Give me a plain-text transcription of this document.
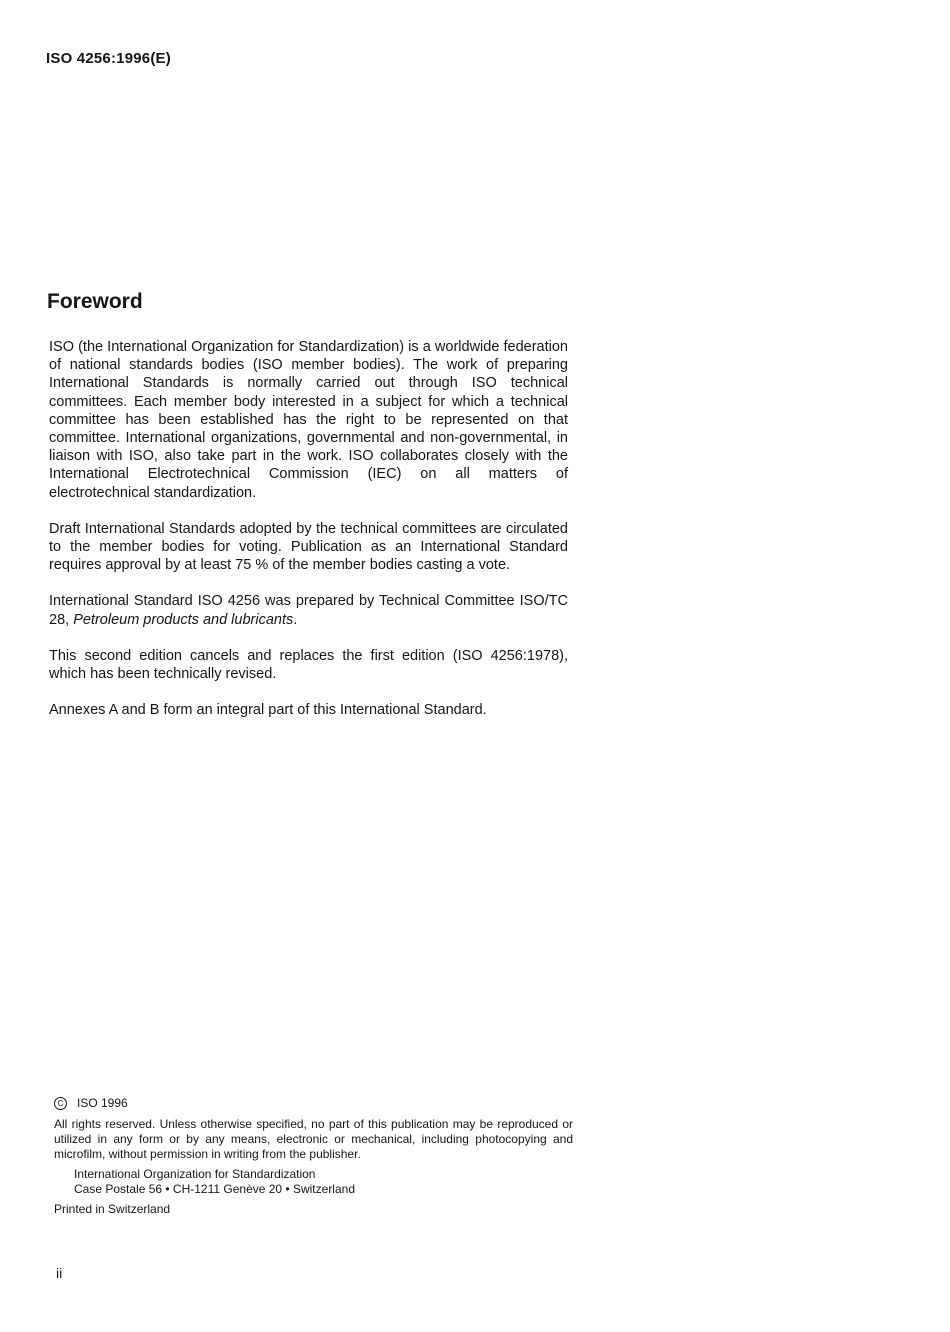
ISO 4256:1996(E)
Foreword

ISO (the International Organization for Standardization) is a worldwide federation of national standards bodies (ISO member bodies). The work of preparing International Standards is normally carried out through ISO technical committees. Each member body interested in a subject for which a technical committee has been established has the right to be represented on that committee. International organizations, governmental and non-governmental, in liaison with ISO, also take part in the work. ISO collaborates closely with the International Electrotechnical Commission (IEC) on all matters of electrotechnical standardization.

Draft International Standards adopted by the technical committees are circulated to the member bodies for voting. Publication as an International Standard requires approval by at least 75 % of the member bodies casting a vote.

International Standard ISO 4256 was prepared by Technical Committee ISO/TC 28, Petroleum products and lubricants.

This second edition cancels and replaces the first edition (ISO 4256:1978), which has been technically revised.

Annexes A and B form an integral part of this International Standard.

C	ISO 1996

All rights reserved. Unless otherwise specified, no part of this publication may be reproduced or utilized in any form or by any means, electronic or mechanical, including photocopying and microfilm, without permission in writing from the publisher.

International Organization for Standardization
Case Postale 56 • CH-1211 Genève 20 • Switzerland
Printed in Switzerland
ii
